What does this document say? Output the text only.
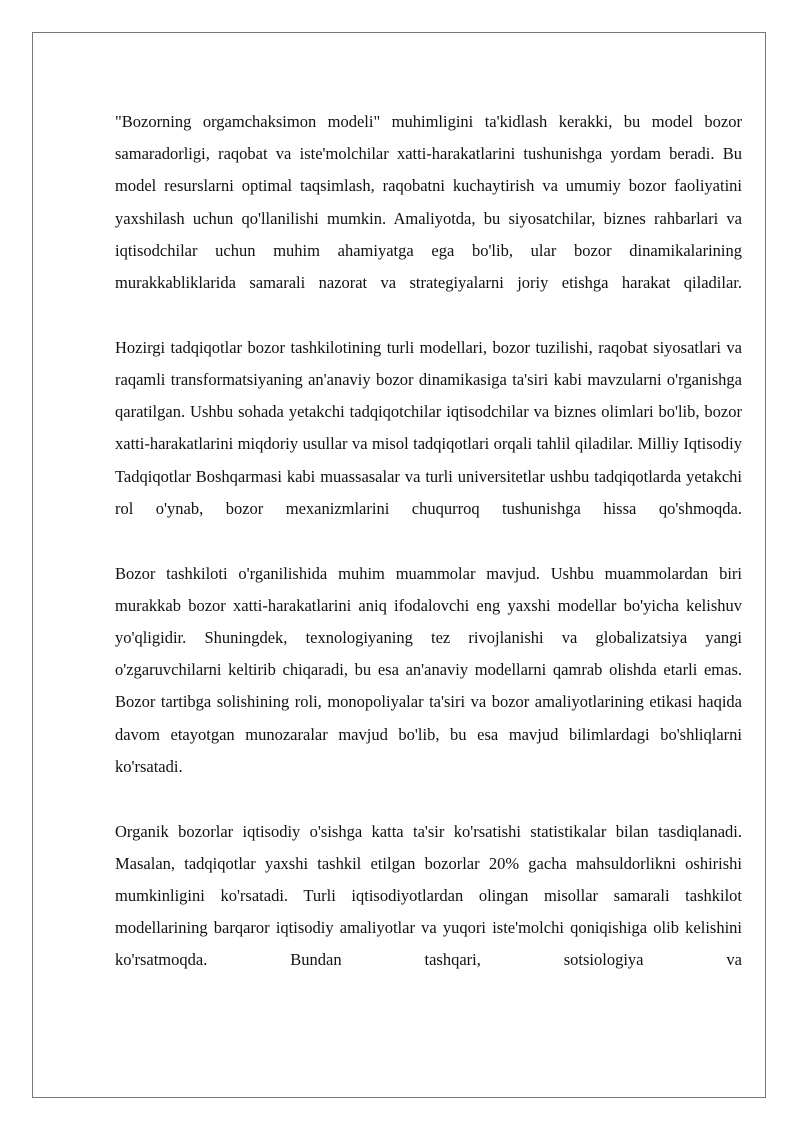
"Bozorning orgamchaksimon modeli" muhimligini ta'kidlash kerakki, bu model bozor samaradorligi, raqobat va iste'molchilar xatti-harakatlarini tushunishga yordam beradi. Bu model resurslarni optimal taqsimlash, raqobatni kuchaytirish va umumiy bozor faoliyatini yaxshilash uchun qo'llanilishi mumkin. Amaliyotda, bu siyosatchilar, biznes rahbarlari va iqtisodchilar uchun muhim ahamiyatga ega bo'lib, ular bozor dinamikalarining murakkabliklarida samarali nazorat va strategiyalarni joriy etishga harakat qiladilar.

Hozirgi tadqiqotlar bozor tashkilotining turli modellari, bozor tuzilishi, raqobat siyosatlari va raqamli transformatsiyaning an'anaviy bozor dinamikasiga ta'siri kabi mavzularni o'rganishga qaratilgan. Ushbu sohada yetakchi tadqiqotchilar iqtisodchilar va biznes olimlari bo'lib, bozor xatti-harakatlarini miqdoriy usullar va misol tadqiqotlari orqali tahlil qiladilar. Milliy Iqtisodiy Tadqiqotlar Boshqarmasi kabi muassasalar va turli universitetlar ushbu tadqiqotlarda yetakchi rol o'ynab, bozor mexanizmlarini chuqurroq tushunishga hissa qo'shmoqda.

Bozor tashkiloti o'rganilishida muhim muammolar mavjud. Ushbu muammolardan biri murakkab bozor xatti-harakatlarini aniq ifodalovchi eng yaxshi modellar bo'yicha kelishuv yo'qligidir. Shuningdek, texnologiyaning tez rivojlanishi va globalizatsiya yangi o'zgaruvchilarni keltirib chiqaradi, bu esa an'anaviy modellarni qamrab olishda etarli emas. Bozor tartibga solishining roli, monopoliyalar ta'siri va bozor amaliyotlarining etikasi haqida davom etayotgan munozaralar mavjud bo'lib, bu esa mavjud bilimlardagi bo'shliqlarni ko'rsatadi.

Organik bozorlar iqtisodiy o'sishga katta ta'sir ko'rsatishi statistikalar bilan tasdiqlanadi. Masalan, tadqiqotlar yaxshi tashkil etilgan bozorlar 20% gacha mahsuldorlikni oshirishi mumkinligini ko'rsatadi. Turli iqtisodiyotlardan olingan misollar samarali tashkilot modellarining barqaror iqtisodiy amaliyotlar va yuqori iste'molchi qoniqishiga olib kelishini ko'rsatmoqda. Bundan tashqari, sotsiologiya va
